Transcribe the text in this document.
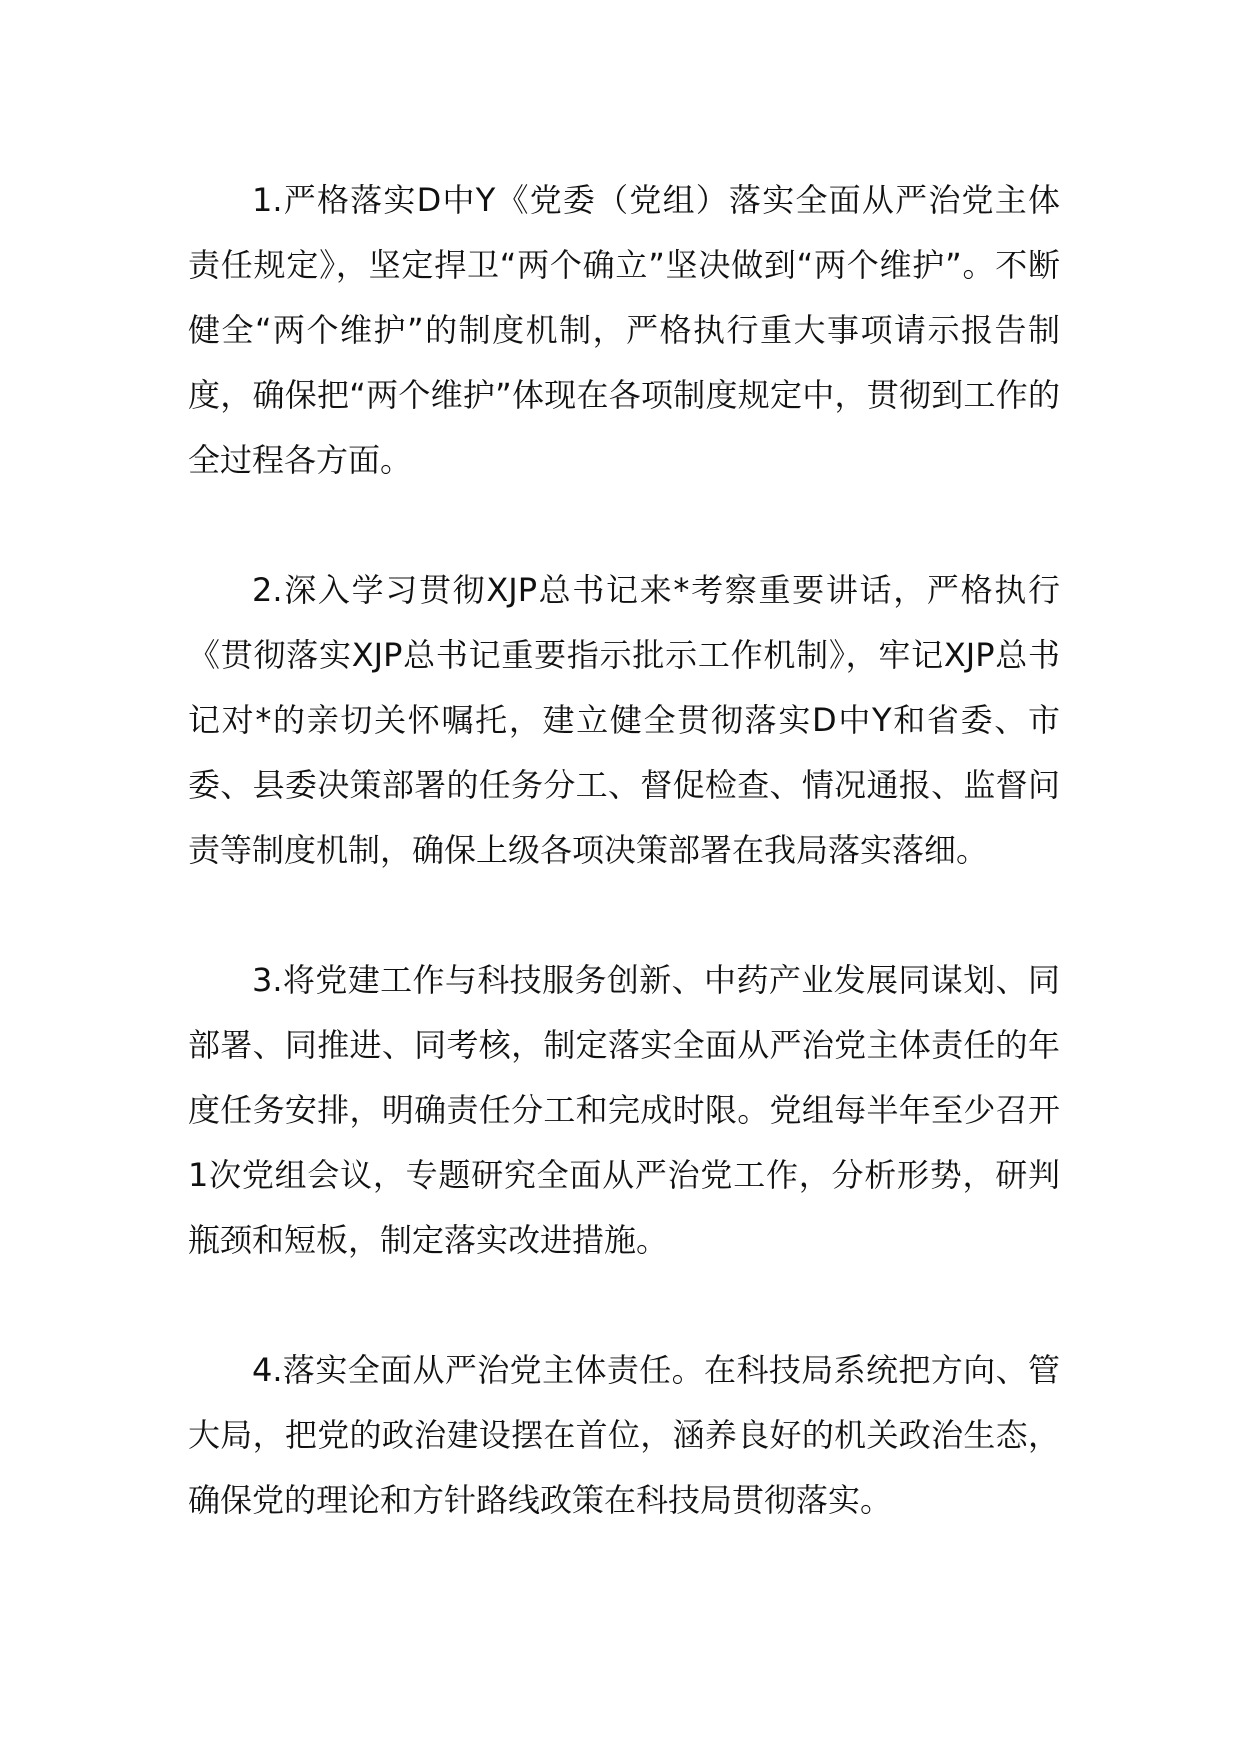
1.严格落实D中Y《党委（党组）落实全面从严治党主体责任规定》，坚定捍卫“两个确立”坚决做到“两个维护”。不断健全“两个维护”的制度机制，严格执行重大事项请示报告制度，确保把“两个维护”体现在各项制度规定中，贯彻到工作的全过程各方面。

2.深入学习贯彻XJP总书记来*考察重要讲话，严格执行《贯彻落实XJP总书记重要指示批示工作机制》，牢记XJP总书记对*的亲切关怀嘱托，建立健全贯彻落实D中Y和省委、市委、县委决策部署的任务分工、督促检查、情况通报、监督问责等制度机制，确保上级各项决策部署在我局落实落细。

3.将党建工作与科技服务创新、中药产业发展同谋划、同部署、同推进、同考核，制定落实全面从严治党主体责任的年度任务安排，明确责任分工和完成时限。党组每半年至少召开1次党组会议，专题研究全面从严治党工作，分析形势，研判瓶颈和短板，制定落实改进措施。

4.落实全面从严治党主体责任。在科技局系统把方向、管大局，把党的政治建设摆在首位，涵养良好的机关政治生态，确保党的理论和方针路线政策在科技局贯彻落实。
